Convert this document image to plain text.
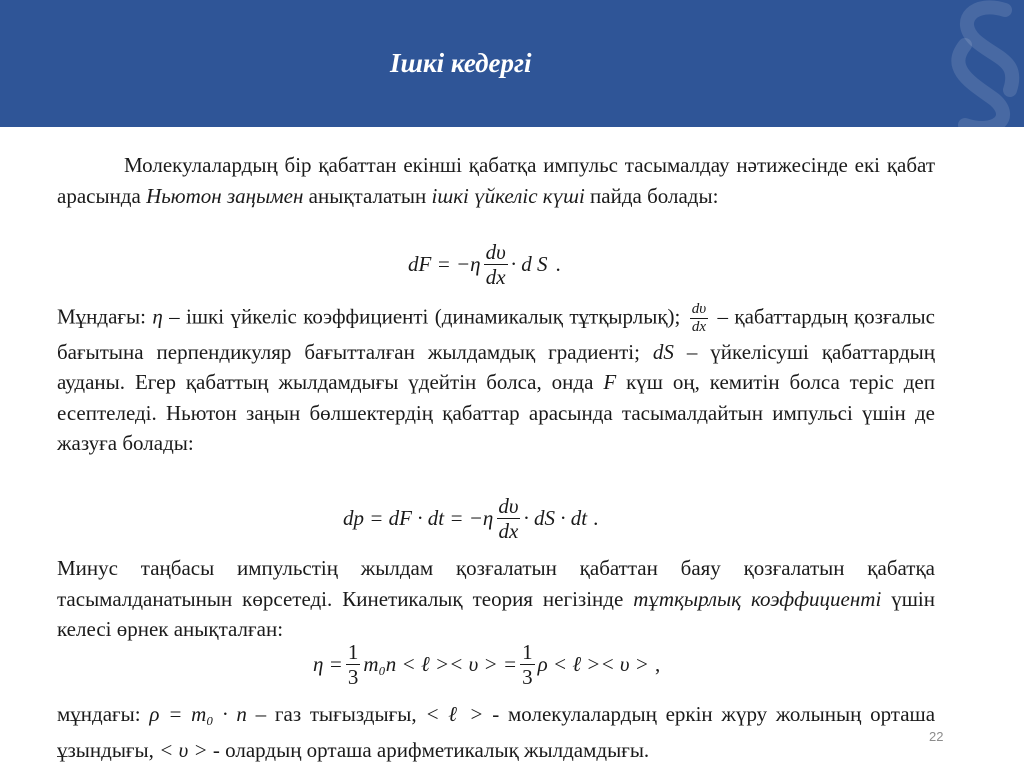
Ішкі кедергі

Молекулалардың бір қабаттан екінші қабатқа импульс тасымалдау нәтижесінде екі қабат арасында Ньютон заңымен анықталатын ішкі үйкеліс күші пайда болады:

dF = $-\eta \frac{d\upsilon}{dx} \cdot d$ S .

Мұндағы: η – ішкі үйкеліс коэффициенті (динамикалық тұтқырлық); $\frac{d\upsilon}{dx}$ – қабаттардың қозғалыс бағытына перпендикуляр бағытталған жылдамдық градиенті; dS – үйкелісуші қабаттардың ауданы. Егер қабаттың жылдамдығы үдейтін болса, онда F күш оң, кемитін болса теріс деп есептеледі. Ньютон заңын бөлшектердің қабаттар арасында тасымалдайтын импульсі үшін де жазуға болады:

dp = dF · dt = $-\eta \frac{d\upsilon}{dx}$ · dS · dt .

Минус таңбасы импульстің жылдам қозғалатын қабаттан баяу қозғалатын қабатқа тасымалданатынын көрсетеді. Кинетикалық теория негізінде тұтқырлық коэффициенті үшін келесі өрнек анықталған:

$\eta = \frac{1}{3} m_0n$ < ℓ >< υ > = $\frac{1}{3}$ ρ < ℓ >< υ > ,

мұндағы: ρ = m₀ · n – газ тығыздығы, < ℓ > - молекулалардың еркін жүру жолының орташа ұзындығы, < υ > - олардың орташа арифметикалық жылдамдығы.

22
